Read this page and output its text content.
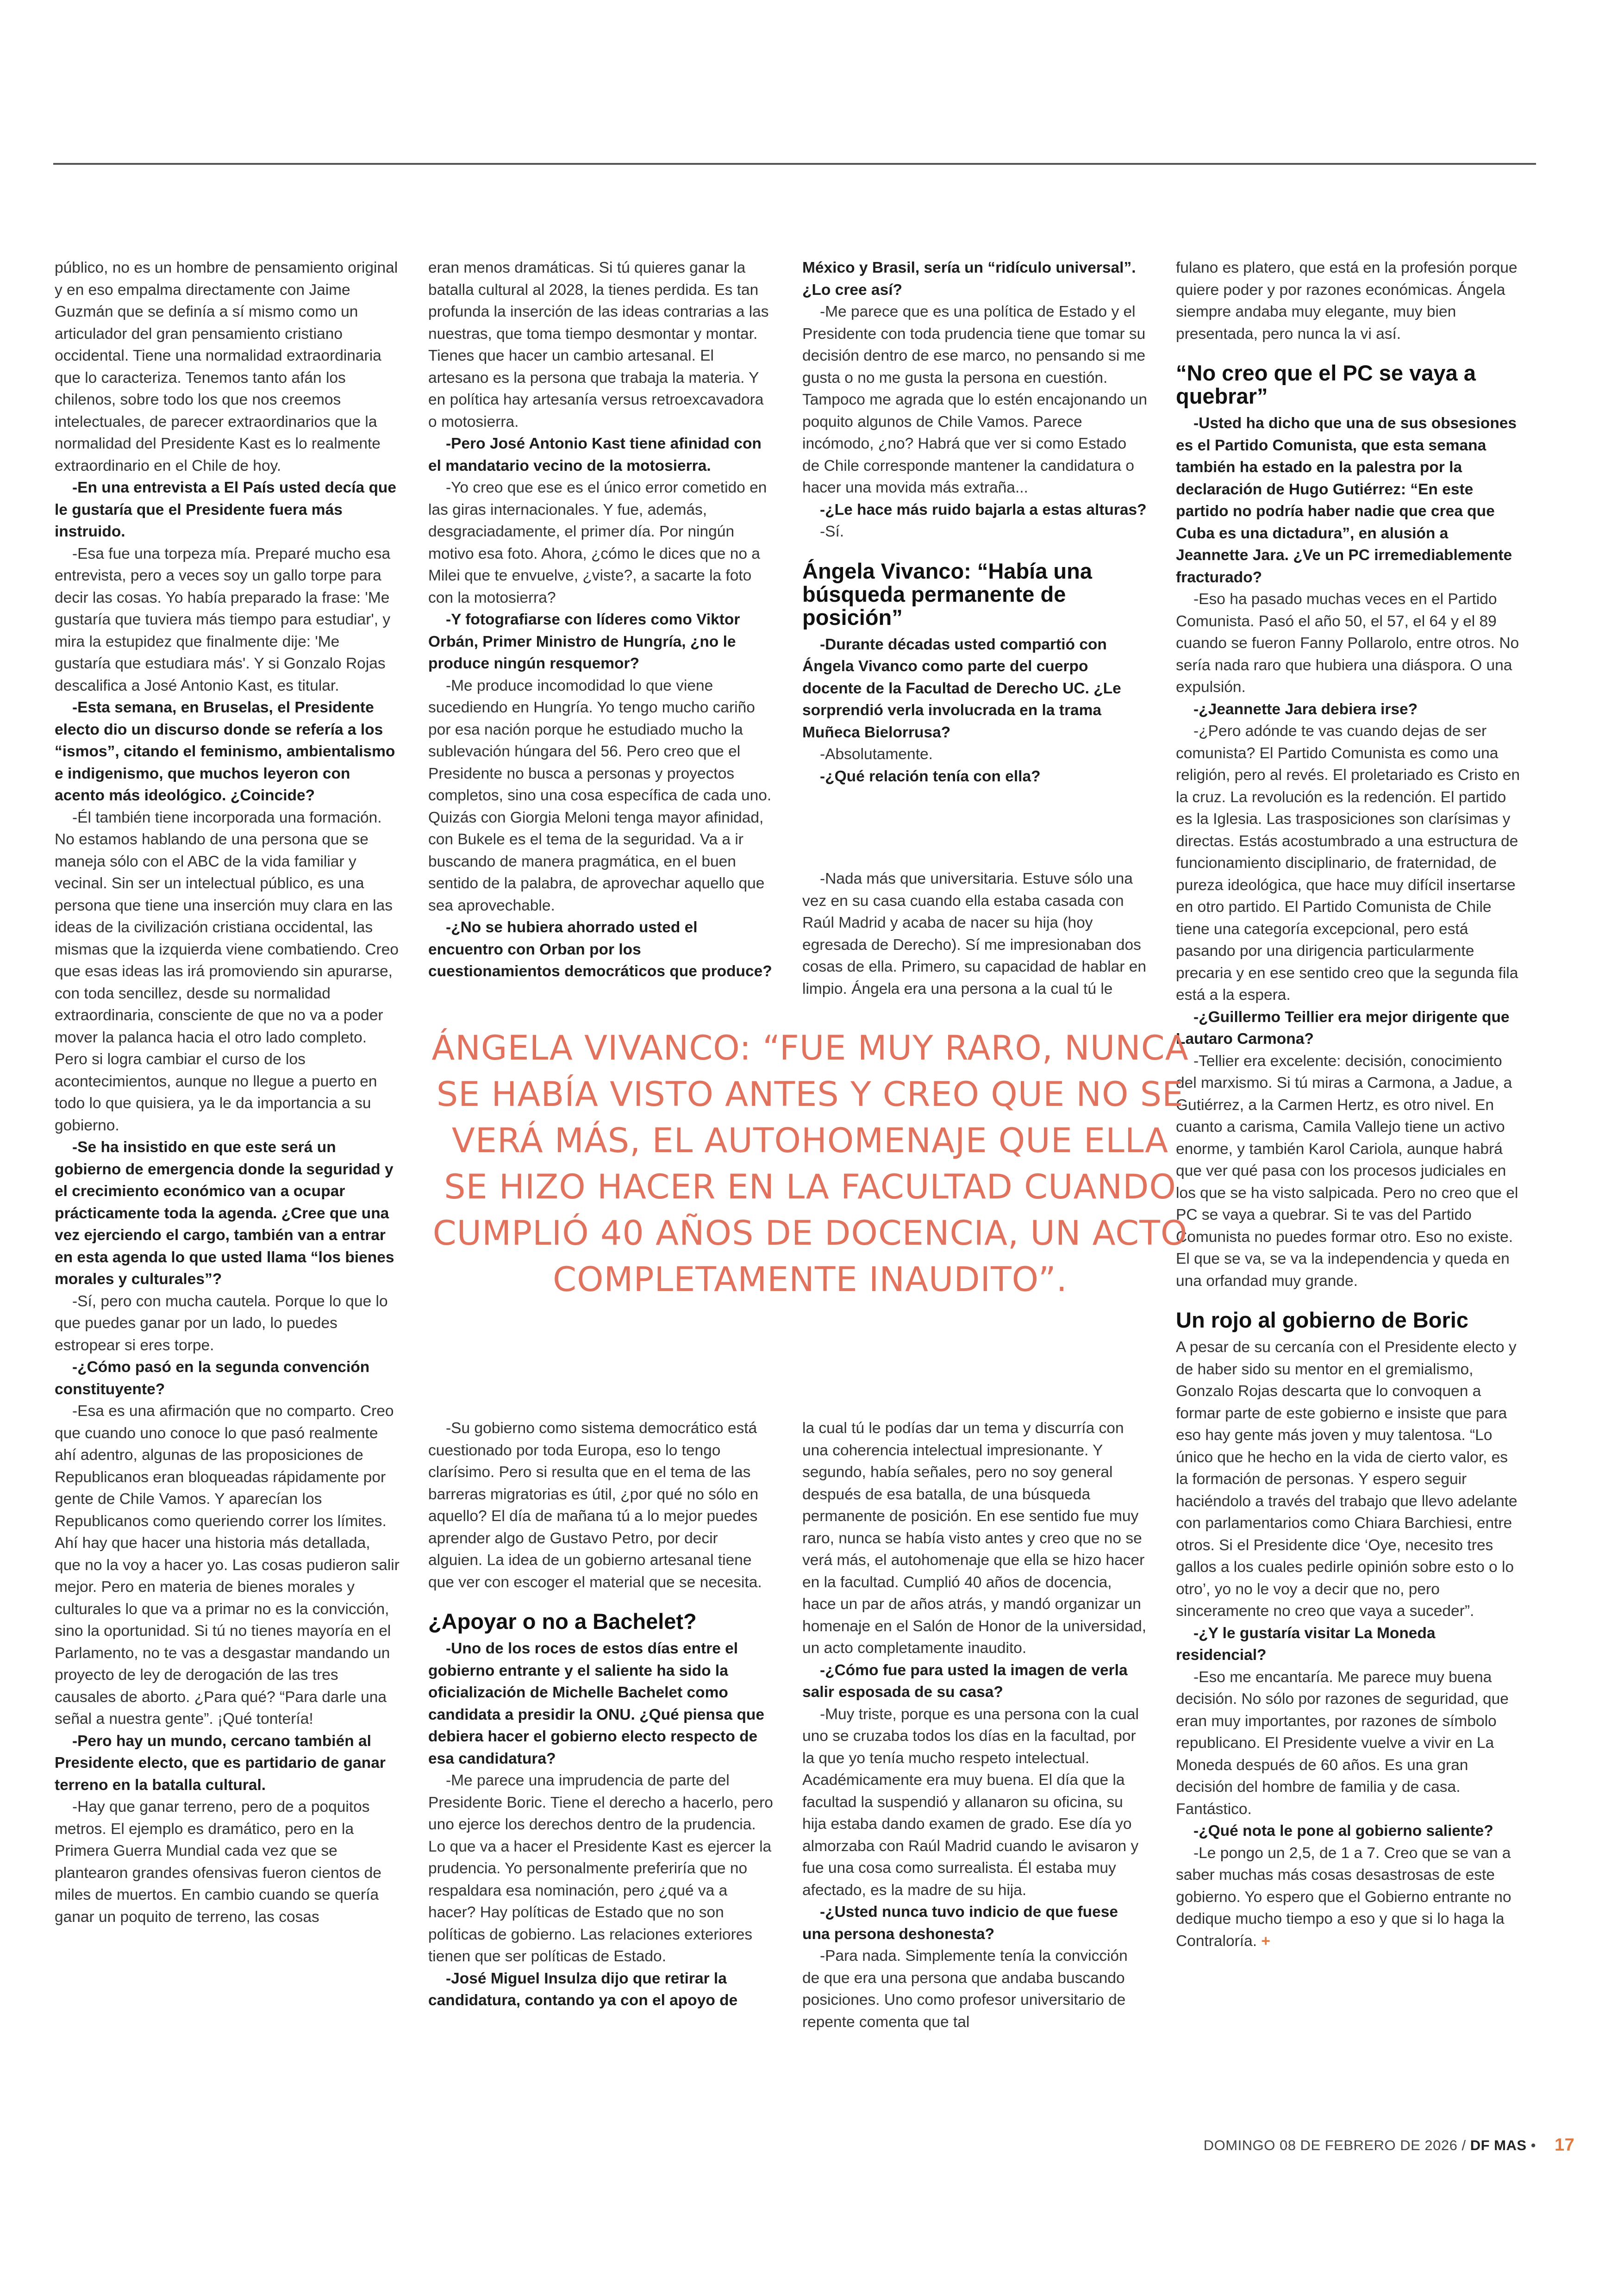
público, no es un hombre de pensamiento original y en eso empalma directamente con Jaime Guzmán que se definía a sí mismo como un articulador del gran pensamiento cristiano occidental. Tiene una normalidad extraordinaria que lo caracteriza. Tenemos tanto afán los chilenos, sobre todo los que nos creemos intelectuales, de parecer extraordinarios que la normalidad del Presidente Kast es lo realmente extraordinario en el Chile de hoy.

-En una entrevista a El País usted decía que le gustaría que el Presidente fuera más instruido.

-Esa fue una torpeza mía. Preparé mucho esa entrevista, pero a veces soy un gallo torpe para decir las cosas. Yo había preparado la frase: 'Me gustaría que tuviera más tiempo para estudiar', y mira la estupidez que finalmente dije: 'Me gustaría que estudiara más'. Y si Gonzalo Rojas descalifica a José Antonio Kast, es titular.

-Esta semana, en Bruselas, el Presidente electo dio un discurso donde se refería a los “ismos”, citando el feminismo, ambientalismo e indigenismo, que muchos leyeron con acento más ideológico. ¿Coincide?

-Él también tiene incorporada una formación. No estamos hablando de una persona que se maneja sólo con el ABC de la vida familiar y vecinal. Sin ser un intelectual público, es una persona que tiene una inserción muy clara en las ideas de la civilización cristiana occidental, las mismas que la izquierda viene combatiendo. Creo que esas ideas las irá promoviendo sin apurarse, con toda sencillez, desde su normalidad extraordinaria, consciente de que no va a poder mover la palanca hacia el otro lado completo. Pero si logra cambiar el curso de los acontecimientos, aunque no llegue a puerto en todo lo que quisiera, ya le da importancia a su gobierno.

-Se ha insistido en que este será un gobierno de emergencia donde la seguridad y el crecimiento económico van a ocupar prácticamente toda la agenda. ¿Cree que una vez ejerciendo el cargo, también van a entrar en esta agenda lo que usted llama “los bienes morales y culturales”?

-Sí, pero con mucha cautela. Porque lo que lo que puedes ganar por un lado, lo puedes estropear si eres torpe.

-¿Cómo pasó en la segunda convención constituyente?

-Esa es una afirmación que no comparto. Creo que cuando uno conoce lo que pasó realmente ahí adentro, algunas de las proposiciones de Republicanos eran bloqueadas rápidamente por gente de Chile Vamos. Y aparecían los Republicanos como queriendo correr los límites. Ahí hay que hacer una historia más detallada, que no la voy a hacer yo. Las cosas pudieron salir mejor. Pero en materia de bienes morales y culturales lo que va a primar no es la convicción, sino la oportunidad. Si tú no tienes mayoría en el Parlamento, no te vas a desgastar mandando un proyecto de ley de derogación de las tres causales de aborto. ¿Para qué? “Para darle una señal a nuestra gente”. ¡Qué tontería!

-Pero hay un mundo, cercano también al Presidente electo, que es partidario de ganar terreno en la batalla cultural.

-Hay que ganar terreno, pero de a poquitos metros. El ejemplo es dramático, pero en la Primera Guerra Mundial cada vez que se plantearon grandes ofensivas fueron cientos de miles de muertos. En cambio cuando se quería ganar un poquito de terreno, las cosas

eran menos dramáticas. Si tú quieres ganar la batalla cultural al 2028, la tienes perdida. Es tan profunda la inserción de las ideas contrarias a las nuestras, que toma tiempo desmontar y montar. Tienes que hacer un cambio artesanal. El artesano es la persona que trabaja la materia. Y en política hay artesanía versus retroexcavadora o motosierra.

-Pero José Antonio Kast tiene afinidad con el mandatario vecino de la motosierra.

-Yo creo que ese es el único error cometido en las giras internacionales. Y fue, además, desgraciadamente, el primer día. Por ningún motivo esa foto. Ahora, ¿cómo le dices que no a Milei que te envuelve, ¿viste?, a sacarte la foto con la motosierra?

-Y fotografiarse con líderes como Viktor Orbán, Primer Ministro de Hungría, ¿no le produce ningún resquemor?

-Me produce incomodidad lo que viene sucediendo en Hungría. Yo tengo mucho cariño por esa nación porque he estudiado mucho la sublevación húngara del 56. Pero creo que el Presidente no busca a personas y proyectos completos, sino una cosa específica de cada uno. Quizás con Giorgia Meloni tenga mayor afinidad, con Bukele es el tema de la seguridad. Va a ir buscando de manera pragmática, en el buen sentido de la palabra, de aprovechar aquello que sea aprovechable.

-¿No se hubiera ahorrado usted el encuentro con Orban por los cuestionamientos democráticos que produce?

-Su gobierno como sistema democrático está cuestionado por toda Europa, eso lo tengo clarísimo. Pero si resulta que en el tema de las barreras migratorias es útil, ¿por qué no sólo en aquello? El día de mañana tú a lo mejor puedes aprender algo de Gustavo Petro, por decir alguien. La idea de un gobierno artesanal tiene que ver con escoger el material que se necesita.

¿Apoyar o no a Bachelet?

-Uno de los roces de estos días entre el gobierno entrante y el saliente ha sido la oficialización de Michelle Bachelet como candidata a presidir la ONU. ¿Qué piensa que debiera hacer el gobierno electo respecto de esa candidatura?

-Me parece una imprudencia de parte del Presidente Boric. Tiene el derecho a hacerlo, pero uno ejerce los derechos dentro de la prudencia. Lo que va a hacer el Presidente Kast es ejercer la prudencia. Yo personalmente preferiría que no respaldara esa nominación, pero ¿qué va a hacer? Hay políticas de Estado que no son políticas de gobierno. Las relaciones exteriores tienen que ser políticas de Estado.

-José Miguel Insulza dijo que retirar la candidatura, contando ya con el apoyo de

México y Brasil, sería un “ridículo universal”. ¿Lo cree así?

-Me parece que es una política de Estado y el Presidente con toda prudencia tiene que tomar su decisión dentro de ese marco, no pensando si me gusta o no me gusta la persona en cuestión. Tampoco me agrada que lo estén encajonando un poquito algunos de Chile Vamos. Parece incómodo, ¿no? Habrá que ver si como Estado de Chile corresponde mantener la candidatura o hacer una movida más extraña...

-¿Le hace más ruido bajarla a estas alturas?

-Sí.

Ángela Vivanco: “Había una búsqueda permanente de posición”

-Durante décadas usted compartió con Ángela Vivanco como parte del cuerpo docente de la Facultad de Derecho UC. ¿Le sorprendió verla involucrada en la trama Muñeca Bielorrusa?

-Absolutamente.

-¿Qué relación tenía con ella?

-Nada más que universitaria. Estuve sólo una vez en su casa cuando ella estaba casada con Raúl Madrid y acaba de nacer su hija (hoy egresada de Derecho). Sí me impresionaban dos cosas de ella. Primero, su capacidad de hablar en limpio. Ángela era una persona a la cual tú le

la cual tú le podías dar un tema y discurría con una coherencia intelectual impresionante. Y segundo, había señales, pero no soy general después de esa batalla, de una búsqueda permanente de posición. En ese sentido fue muy raro, nunca se había visto antes y creo que no se verá más, el autohomenaje que ella se hizo hacer en la facultad. Cumplió 40 años de docencia, hace un par de años atrás, y mandó organizar un homenaje en el Salón de Honor de la universidad, un acto completamente inaudito.

-¿Cómo fue para usted la imagen de verla salir esposada de su casa?

-Muy triste, porque es una persona con la cual uno se cruzaba todos los días en la facultad, por la que yo tenía mucho respeto intelectual. Académicamente era muy buena. El día que la facultad la suspendió y allanaron su oficina, su hija estaba dando examen de grado. Ese día yo almorzaba con Raúl Madrid cuando le avisaron y fue una cosa como surrealista. Él estaba muy afectado, es la madre de su hija.

-¿Usted nunca tuvo indicio de que fuese una persona deshonesta?

-Para nada. Simplemente tenía la convicción de que era una persona que andaba buscando posiciones. Uno como profesor universitario de repente comenta que tal

fulano es platero, que está en la profesión porque quiere poder y por razones económicas. Ángela siempre andaba muy elegante, muy bien presentada, pero nunca la vi así.

“No creo que el PC se vaya a quebrar”

-Usted ha dicho que una de sus obsesiones es el Partido Comunista, que esta semana también ha estado en la palestra por la declaración de Hugo Gutiérrez: “En este partido no podría haber nadie que crea que Cuba es una dictadura”, en alusión a Jeannette Jara. ¿Ve un PC irremediablemente fracturado?

-Eso ha pasado muchas veces en el Partido Comunista. Pasó el año 50, el 57, el 64 y el 89 cuando se fueron Fanny Pollarolo, entre otros. No sería nada raro que hubiera una diáspora. O una expulsión.

-¿Jeannette Jara debiera irse?

-¿Pero adónde te vas cuando dejas de ser comunista? El Partido Comunista es como una religión, pero al revés. El proletariado es Cristo en la cruz. La revolución es la redención. El partido es la Iglesia. Las trasposiciones son clarísimas y directas. Estás acostumbrado a una estructura de funcionamiento disciplinario, de fraternidad, de pureza ideológica, que hace muy difícil insertarse en otro partido. El Partido Comunista de Chile tiene una categoría excepcional, pero está pasando por una dirigencia particularmente precaria y en ese sentido creo que la segunda fila está a la espera.

-¿Guillermo Teillier era mejor dirigente que Lautaro Carmona?

-Tellier era excelente: decisión, conocimiento del marxismo. Si tú miras a Carmona, a Jadue, a Gutiérrez, a la Carmen Hertz, es otro nivel. En cuanto a carisma, Camila Vallejo tiene un activo enorme, y también Karol Cariola, aunque habrá que ver qué pasa con los procesos judiciales en los que se ha visto salpicada. Pero no creo que el PC se vaya a quebrar. Si te vas del Partido Comunista no puedes formar otro. Eso no existe. El que se va, se va la independencia y queda en una orfandad muy grande.

Un rojo al gobierno de Boric

A pesar de su cercanía con el Presidente electo y de haber sido su mentor en el gremialismo, Gonzalo Rojas descarta que lo convoquen a formar parte de este gobierno e insiste que para eso hay gente más joven y muy talentosa. “Lo único que he hecho en la vida de cierto valor, es la formación de personas. Y espero seguir haciéndolo a través del trabajo que llevo adelante con parlamentarios como Chiara Barchiesi, entre otros. Si el Presidente dice ‘Oye, necesito tres gallos a los cuales pedirle opinión sobre esto o lo otro’, yo no le voy a decir que no, pero sinceramente no creo que vaya a suceder”.

-¿Y le gustaría visitar La Moneda residencial?

-Eso me encantaría. Me parece muy buena decisión. No sólo por razones de seguridad, que eran muy importantes, por razones de símbolo republicano. El Presidente vuelve a vivir en La Moneda después de 60 años. Es una gran decisión del hombre de familia y de casa. Fantástico.

-¿Qué nota le pone al gobierno saliente?

-Le pongo un 2,5, de 1 a 7. Creo que se van a saber muchas más cosas desastrosas de este gobierno. Yo espero que el Gobierno entrante no dedique mucho tiempo a eso y que si lo haga la Contraloría. +

ÁNGELA VIVANCO: “FUE MUY RARO, NUNCA SE HABÍA VISTO ANTES Y CREO QUE NO SE VERÁ MÁS, EL AUTOHOMENAJE QUE ELLA SE HIZO HACER EN LA FACULTAD CUANDO CUMPLIÓ 40 AÑOS DE DOCENCIA, UN ACTO COMPLETAMENTE INAUDITO”.
DOMINGO 08 DE FEBRERO DE 2026 / DF MAS • 17
